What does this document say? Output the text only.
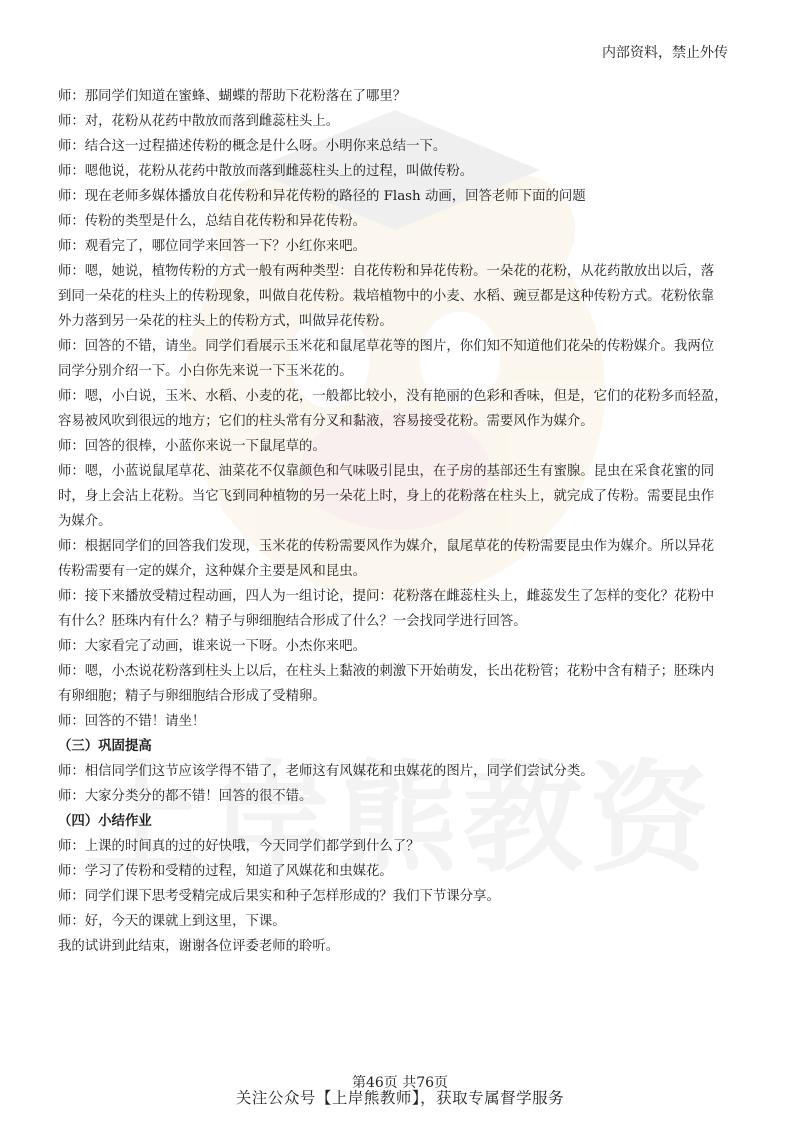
内部资料，禁止外传
师：那同学们知道在蜜蜂、蝴蝶的帮助下花粉落在了哪里？
师：对，花粉从花药中散放而落到雌蕊柱头上。
师：结合这一过程描述传粉的概念是什么呀。小明你来总结一下。
师：嗯他说，花粉从花药中散放而落到雌蕊柱头上的过程，叫做传粉。
师：现在老师多媒体播放自花传粉和异花传粉的路径的 Flash 动画，回答老师下面的问题
师：传粉的类型是什么，总结自花传粉和异花传粉。
师：观看完了，哪位同学来回答一下？小红你来吧。
师：嗯，她说，植物传粉的方式一般有两种类型：自花传粉和异花传粉。一朵花的花粉，从花药散放出以后，落
到同一朵花的柱头上的传粉现象，叫做自花传粉。栽培植物中的小麦、水稻、豌豆都是这种传粉方式。花粉依靠
外力落到另一朵花的柱头上的传粉方式，叫做异花传粉。
师：回答的不错，请坐。同学们看展示玉米花和鼠尾草花等的图片，你们知不知道他们花朵的传粉媒介。我两位
同学分别介绍一下。小白你先来说一下玉米花的。
师：嗯，小白说，玉米、水稻、小麦的花，一般都比较小，没有艳丽的色彩和香味，但是，它们的花粉多而轻盈，
容易被风吹到很远的地方；它们的柱头常有分叉和黏液，容易接受花粉。需要风作为媒介。
师：回答的很棒，小蓝你来说一下鼠尾草的。
师：嗯，小蓝说鼠尾草花、油菜花不仅靠颜色和气味吸引昆虫，在子房的基部还生有蜜腺。昆虫在采食花蜜的同
时，身上会沾上花粉。当它飞到同种植物的另一朵花上时，身上的花粉落在柱头上，就完成了传粉。需要昆虫作
为媒介。
师：根据同学们的回答我们发现，玉米花的传粉需要风作为媒介，鼠尾草花的传粉需要昆虫作为媒介。所以异花
传粉需要有一定的媒介，这种媒介主要是风和昆虫。
师：接下来播放受精过程动画，四人为一组讨论，提问：花粉落在雌蕊柱头上，雌蕊发生了怎样的变化？花粉中
有什么？胚珠内有什么？精子与卵细胞结合形成了什么？一会找同学进行回答。
师：大家看完了动画，谁来说一下呀。小杰你来吧。
师：嗯，小杰说花粉落到柱头上以后，在柱头上黏液的刺激下开始萌发，长出花粉管；花粉中含有精子；胚珠内
有卵细胞；精子与卵细胞结合形成了受精卵。
师：回答的不错！请坐！
（三）巩固提高
师：相信同学们这节应该学得不错了，老师这有风媒花和虫媒花的图片，同学们尝试分类。
师：大家分类分的都不错！回答的很不错。
（四）小结作业
师：上课的时间真的过的好快哦，今天同学们都学到什么了？
师：学习了传粉和受精的过程，知道了风媒花和虫媒花。
师：同学们课下思考受精完成后果实和种子怎样形成的？我们下节课分享。
师：好，今天的课就上到这里，下课。
我的试讲到此结束，谢谢各位评委老师的聆听。
第46页 共76页
关注公众号【上岸熊教师】，获取专属督学服务
